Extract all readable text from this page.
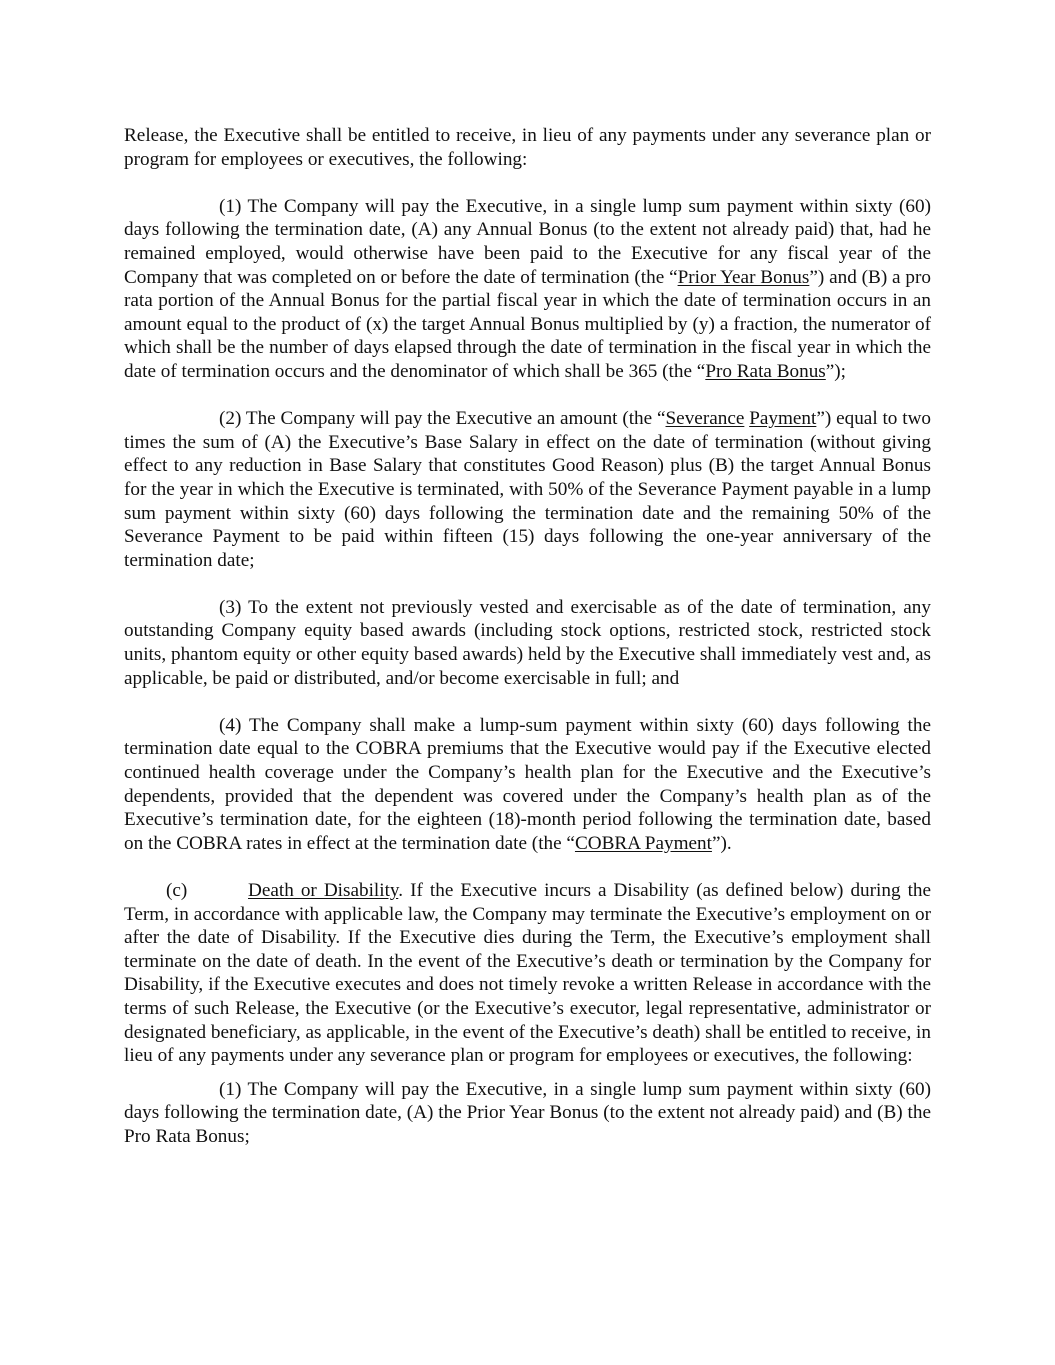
Release, the Executive shall be entitled to receive, in lieu of any payments under any severance plan or program for employees or executives, the following:

(1) The Company will pay the Executive, in a single lump sum payment within sixty (60) days following the termination date, (A) any Annual Bonus (to the extent not already paid) that, had he remained employed, would otherwise have been paid to the Executive for any fiscal year of the Company that was completed on or before the date of termination (the “Prior Year Bonus”) and (B) a pro rata portion of the Annual Bonus for the partial fiscal year in which the date of termination occurs in an amount equal to the product of (x) the target Annual Bonus multiplied by (y) a fraction, the numerator of which shall be the number of days elapsed through the date of termination in the fiscal year in which the date of termination occurs and the denominator of which shall be 365 (the “Pro Rata Bonus”);

(2) The Company will pay the Executive an amount (the “Severance Payment”) equal to two times the sum of (A) the Executive’s Base Salary in effect on the date of termination (without giving effect to any reduction in Base Salary that constitutes Good Reason) plus (B) the target Annual Bonus for the year in which the Executive is terminated, with 50% of the Severance Payment payable in a lump sum payment within sixty (60) days following the termination date and the remaining 50% of the Severance Payment to be paid within fifteen (15) days following the one-year anniversary of the termination date;

(3) To the extent not previously vested and exercisable as of the date of termination, any outstanding Company equity based awards (including stock options, restricted stock, restricted stock units, phantom equity or other equity based awards) held by the Executive shall immediately vest and, as applicable, be paid or distributed, and/or become exercisable in full; and

(4) The Company shall make a lump-sum payment within sixty (60) days following the termination date equal to the COBRA premiums that the Executive would pay if the Executive elected continued health coverage under the Company’s health plan for the Executive and the Executive’s dependents, provided that the dependent was covered under the Company’s health plan as of the Executive’s termination date, for the eighteen (18)-month period following the termination date, based on the COBRA rates in effect at the termination date (the “COBRA Payment”).

(c)	Death or Disability. If the Executive incurs a Disability (as defined below) during the Term, in accordance with applicable law, the Company may terminate the Executive’s employment on or after the date of Disability. If the Executive dies during the Term, the Executive’s employment shall terminate on the date of death. In the event of the Executive’s death or termination by the Company for Disability, if the Executive executes and does not timely revoke a written Release in accordance with the terms of such Release, the Executive (or the Executive’s executor, legal representative, administrator or designated beneficiary, as applicable, in the event of the Executive’s death) shall be entitled to receive, in lieu of any payments under any severance plan or program for employees or executives, the following:

(1) The Company will pay the Executive, in a single lump sum payment within sixty (60) days following the termination date, (A) the Prior Year Bonus (to the extent not already paid) and (B) the Pro Rata Bonus;
